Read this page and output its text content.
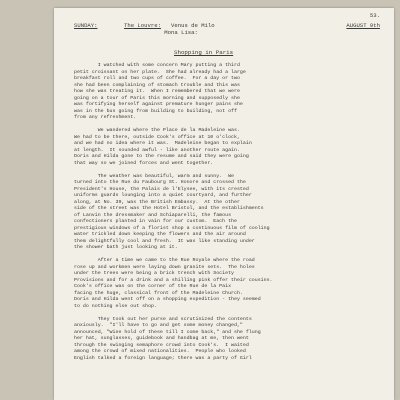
53.
SUNDAY:	The Louvre: Venus de Milo
Mona Lisa:
AUGUST 9th
Shopping in Paris

I watched with some concern Mary putting a third

petit croissant on her plate.  She had already had a large

breakfast roll and two cups of coffee.  For a day or two

she had been complaining of stomach trouble and this was

how she was treating it.  When I remembered that we were

going on a tour of Paris this morning and supposedly she

was fortifying herself against premature hunger pains she

was in the bus going from building to building, not off

from any refreshment.

We wandered where the Place de la Madeleine was.

We had to be there, outside Cook's office at 10 o'clock,

and we had no idea where it was.  Madeleine began to explain

at length.  It sounded awful - like another route again.

Doris and Hilda gone to the resume and said they were going

that way so we joined forces and went together.

The weather was beautiful, warm and sunny.  We

turned into the Rue du Faubourg St. Honore and crossed the

President's House, the Palais de l'Elysee, with its crested

uniforms guards lounging into a quiet courtyard, and further

along, at No. 39, was the British Embassy.  At the other

side of the street was the Hotel Bristol, and the establishments

of Lanvin the dressmaker and Schiaparelli, the famous

confectioners planted in vain for our custom.  Each the

prestigious windows of a florist shop a continuous film of cooling

water trickled down keeping the flowers and the air around

them delightfully cool and fresh.  It was like standing under

the shower bath just looking at it.

After a time we came to the Rue Royale where the road

rose up and workmen were laying down granite sets.  The holes

under the trees were being a brick trench with Society

Provisions and for a drink and a shilling pink offer their cousins.

Cook's office was on the corner of the Rue de la Paix

facing the huge, classical front of the Madeleine Church.

Doris and Hilda went off on a shopping expedition - they seemed

to do nothing else out shop.

They took out her purse and scrutinized the contents

anxiously.  "I'll have to go and get some money changed,"

announced, "Wine hold of these till I come back," and she flung

her hat, sunglasses, guidebook and handbag at me, then went

through the swinging semaphore crowd into Cook's.  I waited

among the crowd of mixed nationalities.  People who looked

English talked a foreign language; there was a party of Girl
